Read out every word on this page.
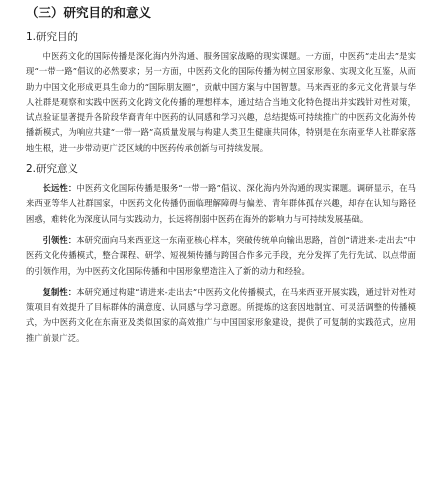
（三）研究目的和意义
1.研究目的

中医药文化的国际传播是深化海内外沟通、服务国家战略的现实课题。一方面，中医药“走出去”是实现“一带一路”倡议的必然要求；另一方面，中医药文化的国际传播为树立国家形象、实现文化互鉴，从而助力中国文化形成更具生命力的“国际朋友圈”，贡献中国方案与中国智慧。马来西亚的多元文化背景与华人社群是观察和实践中医药文化跨文化传播的理想样本，通过结合当地文化特色提出并实践针对性对策，试点验证显著提升各阶段华裔青年中医药的认同感和学习兴趣，总结提炼可持续推广的中医药文化海外传播新模式，为响应共建“一带一路”高质量发展与构建人类卫生健康共同体，特别是在东南亚华人社群家落地生根，进一步带动更广泛区域的中医药传承创新与可持续发展。

2.研究意义

长远性：中医药文化国际传播是服务“一带一路”倡议、深化海内外沟通的现实课题。调研显示，在马来西亚等华人社群国家，中医药文化传播仍面临理解障碍与偏差、青年群体孤存兴趣，却存在认知与路径困惑，难转化为深度认同与实践动力，长远将削弱中医药在海外的影响力与可持续发展基础。

引领性：本研究面向马来西亚这一东南亚核心样本，突破传统单向输出思路，首创“请进来-走出去”中医药文化传播模式，整合课程、研学、短视频传播与跨国合作多元手段，充分发挥了先行先试、以点带面的引领作用，为中医药文化国际传播和中国形象塑造注入了新的动力和经验。

复制性：本研究通过构建“请进来-走出去”中医药文化传播模式，在马来西亚开展实践，通过针对性对策项目有效提升了目标群体的满意度、认同感与学习意愿。所提炼的这套因地制宜、可灵活调整的传播模式，为中医药文化在东南亚及类似国家的高效推广与中国国家形象建设，提供了可复制的实践范式，应用推广前景广泛。
